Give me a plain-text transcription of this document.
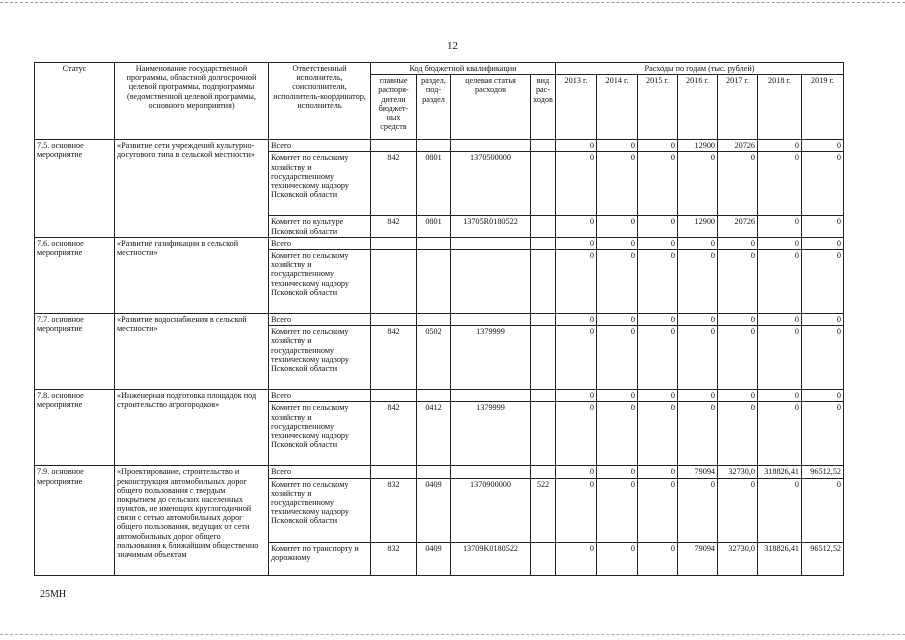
12
Статус	Наименование государственной программы, областной долгосрочной целевой программы, подпрограммы (ведомственной целевой программы, основного мероприятия)	Ответственный исполнитель, соисполнители, исполнитель-координатор, исполнитель	Код бюджетной квалификации				Расходы по годам (тыс. рублей)						
			главные распоря-дители бюджет-ных средств	раздел, под-раздел	целевая статья расходов	вид рас-ходов	2013 г.	2014 г.	2015 г.	2016 г.	2017 г.	2018 г.	2019 г.
7.5. основное мероприятие	«Развитие сети учреждений культурно-досугового типа в сельской местности»	Всего					0	0	0	12900	20726	0	0
		Комитет по сельскому хозяйству и государственному техническому надзору Псковской области	842	0801	1370500000		0	0	0	0	0	0	0
		Комитет по культуре Псковской области	842	0801	13705R0180522		0	0	0	12900	20726	0	0
7.6. основное мероприятие	«Развитие газификации в сельской местности»	Всего					0	0	0	0	0	0	0
		Комитет по сельскому хозяйству и государственному техническому надзору Псковской области					0	0	0	0	0	0	0
7.7. основное мероприятие	«Развитие водоснабжения в сельской местности»	Всего					0	0	0	0	0	0	0
		Комитет по сельскому хозяйству и государственному техническому надзору Псковской области	842	0502	1379999		0	0	0	0	0	0	0
7.8. основное мероприятие	«Инженерная подготовка площадок под строительство агрогородков»	Всего					0	0	0	0	0	0	0
		Комитет по сельскому хозяйству и государственному техническому надзору Псковской области	842	0412	1379999		0	0	0	0	0	0	0
7.9. основное мероприятие	«Проектирование, строительство и реконструкция автомобильных дорог общего пользования с твердым покрытием до сельских населенных пунктов, не имеющих круглогодичной связи с сетью автомобильных дорог общего пользования, ведущих от сети автомобильных дорог общего пользования к ближайшим общественно значимым объектам	Всего					0	0	0	79094	32730,0	318826,41	96512,52
		Комитет по сельскому хозяйству и государственному техническому надзору Псковской области	832	0409	1370900000	522	0	0	0	0	0	0	0
		Комитет по транспорту и дорожному	832	0409	13709K0180522		0	0	0	79094	32730,0	318826,41	96512,52
25МН
